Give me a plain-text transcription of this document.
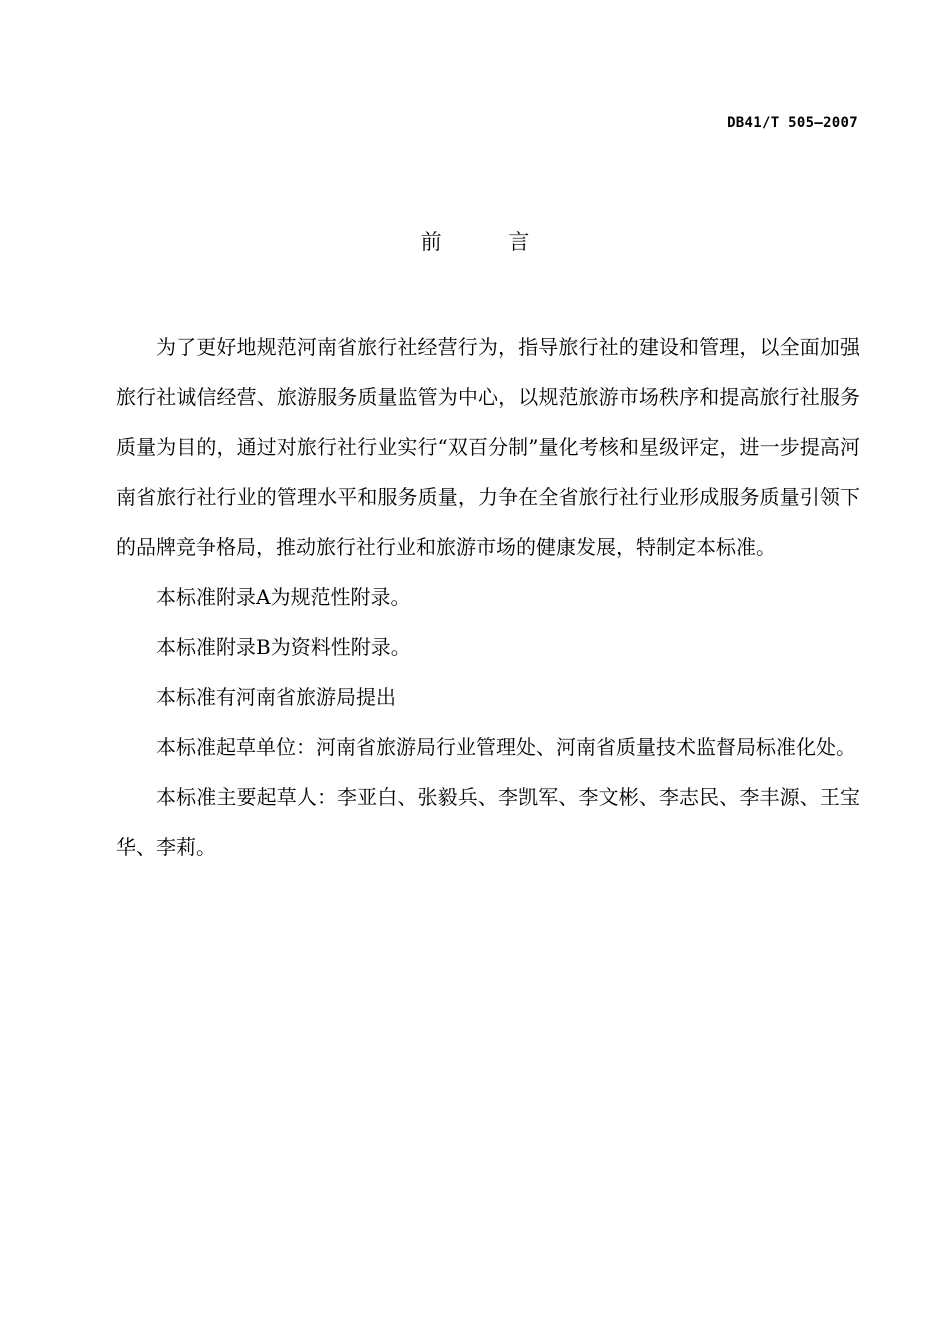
DB41/T 505—2007
前 言

为了更好地规范河南省旅行社经营行为，指导旅行社的建设和管理，以全面加强旅行社诚信经营、旅游服务质量监管为中心，以规范旅游市场秩序和提高旅行社服务质量为目的，通过对旅行社行业实行“双百分制”量化考核和星级评定，进一步提高河南省旅行社行业的管理水平和服务质量，力争在全省旅行社行业形成服务质量引领下的品牌竞争格局，推动旅行社行业和旅游市场的健康发展，特制定本标准。

本标准附录A为规范性附录。

本标准附录B为资料性附录。

本标准有河南省旅游局提出

本标准起草单位：河南省旅游局行业管理处、河南省质量技术监督局标准化处。

本标准主要起草人：李亚白、张毅兵、李凯军、李文彬、李志民、李丰源、王宝华、李莉。
